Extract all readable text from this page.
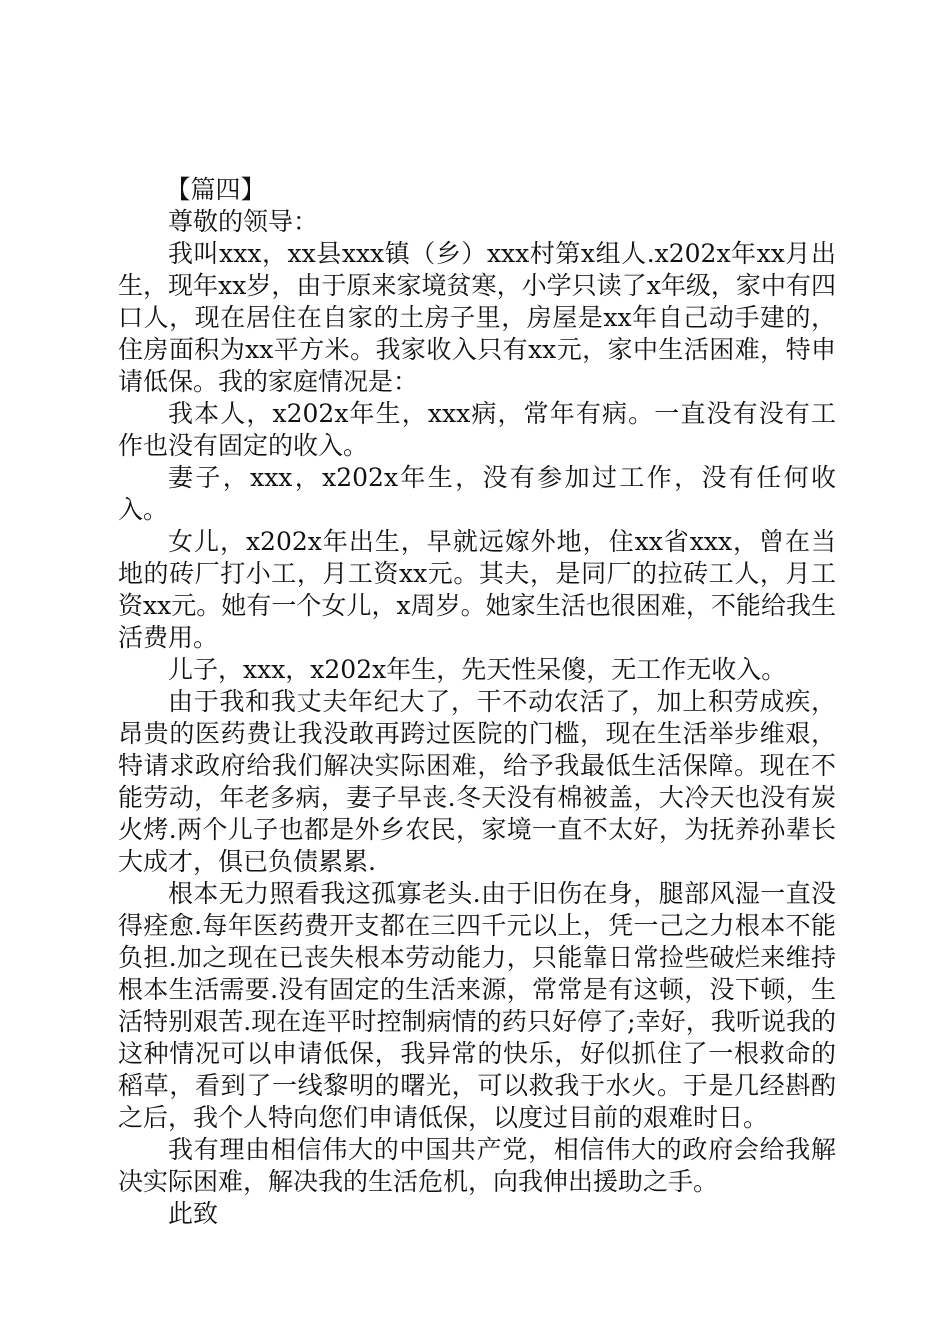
【篇四】

尊敬的领导：

我叫xxx，xx县xxx镇（乡）xxx村第x组人.x202x年xx月出生，现年xx岁，由于原来家境贫寒，小学只读了x年级，家中有四口人，现在居住在自家的土房子里，房屋是xx年自己动手建的，住房面积为xx平方米。我家收入只有xx元，家中生活困难，特申请低保。我的家庭情况是：

我本人，x202x年生，xxx病，常年有病。一直没有没有工作也没有固定的收入。

妻子，xxx，x202x年生，没有参加过工作，没有任何收入。

女儿，x202x年出生，早就远嫁外地，住xx省xxx，曾在当地的砖厂打小工，月工资xx元。其夫，是同厂的拉砖工人，月工资xx元。她有一个女儿，x周岁。她家生活也很困难，不能给我生活费用。

儿子，xxx，x202x年生，先天性呆傻，无工作无收入。

由于我和我丈夫年纪大了，干不动农活了，加上积劳成疾，昂贵的医药费让我没敢再跨过医院的门槛，现在生活举步维艰，特请求政府给我们解决实际困难，给予我最低生活保障。现在不能劳动，年老多病，妻子早丧.冬天没有棉被盖，大冷天也没有炭火烤.两个儿子也都是外乡农民，家境一直不太好，为抚养孙辈长大成才，俱已负债累累.

根本无力照看我这孤寡老头.由于旧伤在身，腿部风湿一直没得痊愈.每年医药费开支都在三四千元以上，凭一己之力根本不能负担.加之现在已丧失根本劳动能力，只能靠日常捡些破烂来维持根本生活需要.没有固定的生活来源，常常是有这顿，没下顿，生活特别艰苦.现在连平时控制病情的药只好停了;幸好，我听说我的这种情况可以申请低保，我异常的快乐，好似抓住了一根救命的稻草，看到了一线黎明的曙光，可以救我于水火。于是几经斟酌之后，我个人特向您们申请低保，以度过目前的艰难时日。

我有理由相信伟大的中国共产党，相信伟大的政府会给我解决实际困难，解决我的生活危机，向我伸出援助之手。

此致
